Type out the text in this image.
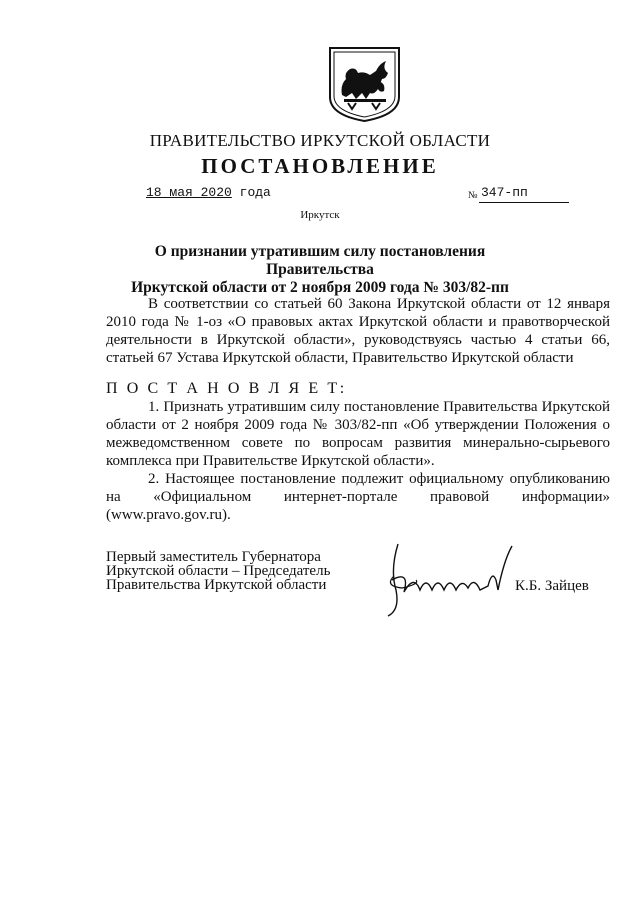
ПРАВИТЕЛЬСТВО ИРКУТСКОЙ ОБЛАСТИ
ПОСТАНОВЛЕНИЕ
18 мая 2020 года	№ 347-пп
Иркутск
О признании утратившим силу постановления Правительства
Иркутской области от 2 ноября 2009 года № 303/82-пп
В соответствии со статьей 60 Закона Иркутской области от 12 января 2010 года № 1-оз «О правовых актах Иркутской области и правотворческой деятельности в Иркутской области», руководствуясь частью 4 статьи 66, статьей 67 Устава Иркутской области, Правительство Иркутской области
П О С Т А Н О В Л Я Е Т:
1. Признать утратившим силу постановление Правительства Иркутской области от 2 ноября 2009 года № 303/82-пп «Об утверждении Положения о межведомственном совете по вопросам развития минерально-сырьевого комплекса при Правительстве Иркутской области».
2. Настоящее постановление подлежит официальному опубликованию на «Официальном интернет-портале правовой информации» (www.pravo.gov.ru).
Первый заместитель Губернатора
Иркутской области – Председатель
Правительства Иркутской области	К.Б. Зайцев
